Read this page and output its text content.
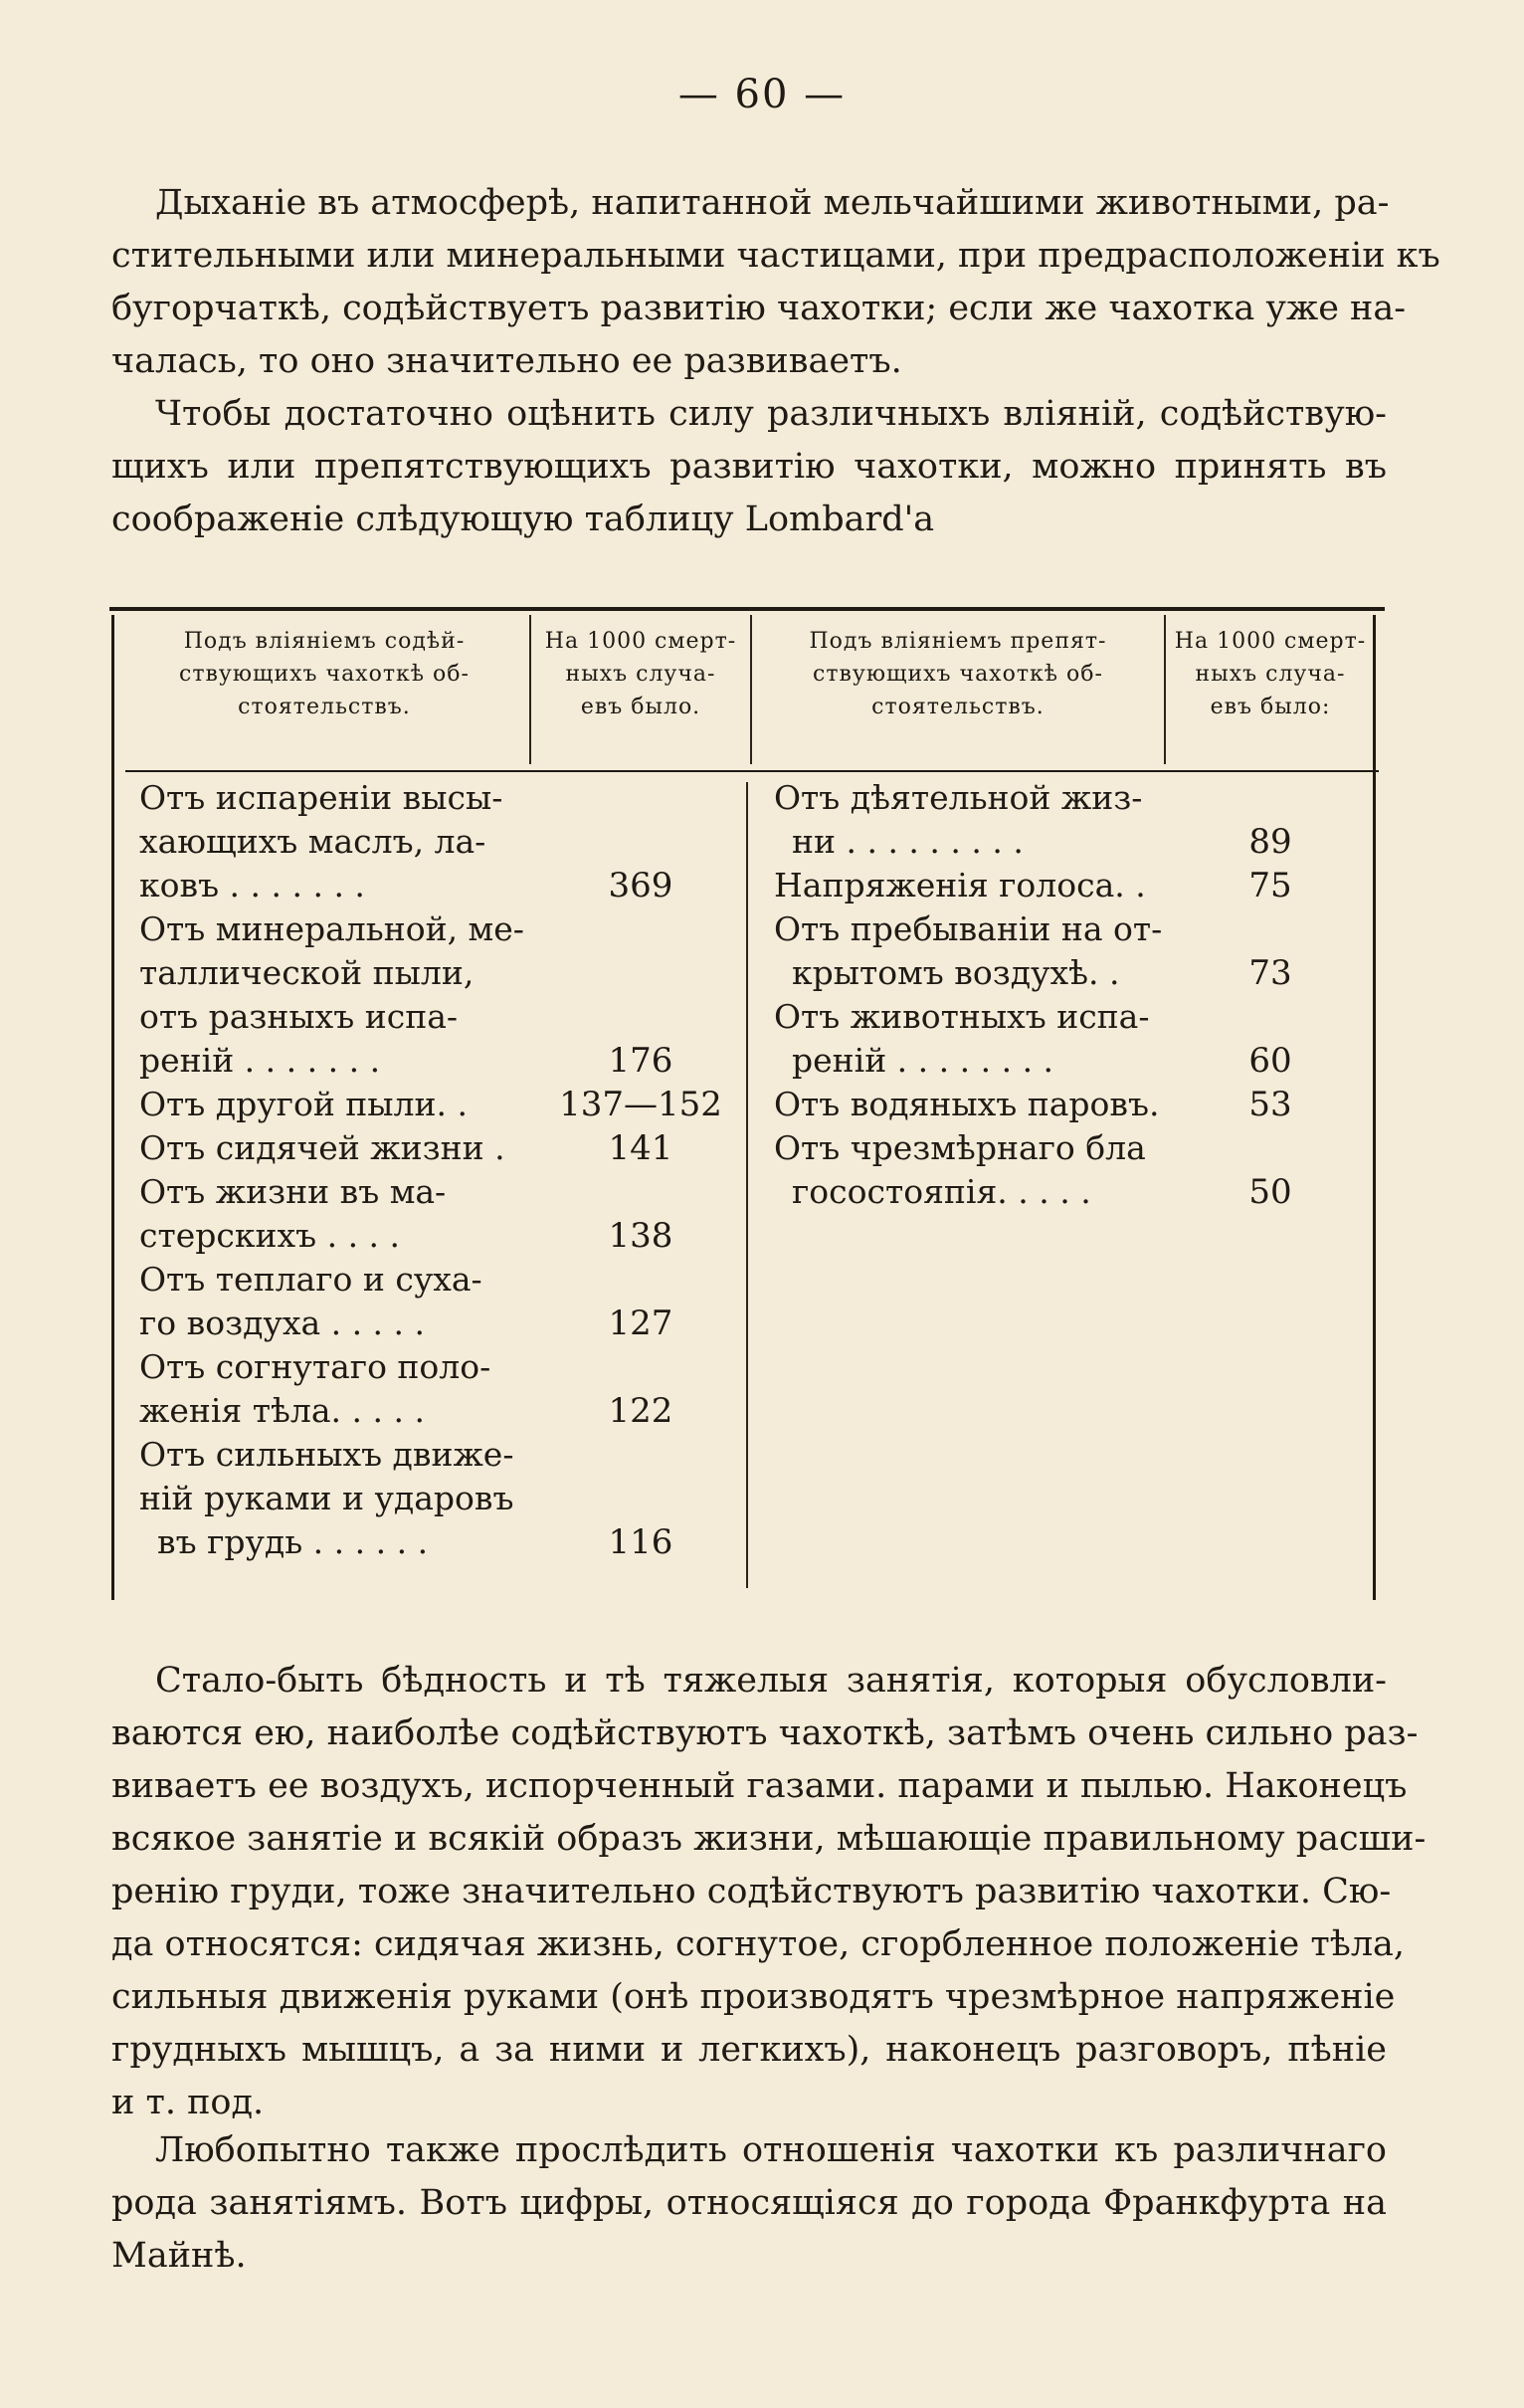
— 60 —
Дыханіе въ атмосферѣ, напитанной мельчайшими животными, ра-
стительными или минеральными частицами, при предрасположеніи къ
бугорчаткѣ, содѣйствуетъ развитію чахотки; если же чахотка уже на-
чалась, то оно значительно ее развиваетъ.
Чтобы достаточно оцѣнить силу различныхъ вліяній, содѣйствую-
щихъ или препятствующихъ развитію чахотки, можно принять въ
соображеніе слѣдующую таблицу Lombard'а
Подъ вліяніемъ содѣй-
ствующихъ чахоткѣ об-
стоятельствъ.
На 1000 смерт-
ныхъ случа-
евъ было.
Подъ вліяніемъ препят-
ствующихъ чахоткѣ об-
стоятельствъ.
На 1000 смерт-
ныхъ случа-
евъ было:
Отъ испареніи высы-
хающихъ маслъ, ла-
ковъ . . . . . . .
Отъ минеральной, ме-
таллической пыли,
отъ разныхъ испа-
реній . . . . . . .
Отъ другой пыли. .
Отъ сидячей жизни .
Отъ жизни въ ма-
стерскихъ . . . .
Отъ теплаго и суха-
го воздуха . . . . .
Отъ согнутаго поло-
женія тѣла. . . . .
Отъ сильныхъ движе-
ній руками и ударовъ
въ грудь . . . . . .
369
176
137—152
141
138
127
122
116
Отъ дѣятельной жиз-
ни . . . . . . . . .
Напряженія голоса. .
Отъ пребываніи на от-
крытомъ воздухѣ. .
Отъ животныхъ испа-
реній . . . . . . . .
Отъ водяныхъ паровъ.
Отъ чрезмѣрнаго бла
госостояпія. . . . .
89
75
73
60
53
50
Стало-быть бѣдность и тѣ тяжелыя занятія, которыя обусловли-
ваются ею, наиболѣе содѣйствуютъ чахоткѣ, затѣмъ очень сильно раз-
виваетъ ее воздухъ, испорченный газами. парами и пылью. Наконецъ
всякое занятіе и всякій образъ жизни, мѣшающіе правильному расши-
ренію груди, тоже значительно содѣйствуютъ развитію чахотки. Сю-
да относятся: сидячая жизнь, согнутое, сгорбленное положеніе тѣла,
сильныя движенія руками (онѣ производятъ чрезмѣрное напряженіе
грудныхъ мышцъ, а за ними и легкихъ), наконецъ разговоръ, пѣніе
и т. под.
Любопытно также прослѣдить отношенія чахотки къ различнаго
рода занятіямъ. Вотъ цифры, относящіяся до города Франкфурта на
Майнѣ.
